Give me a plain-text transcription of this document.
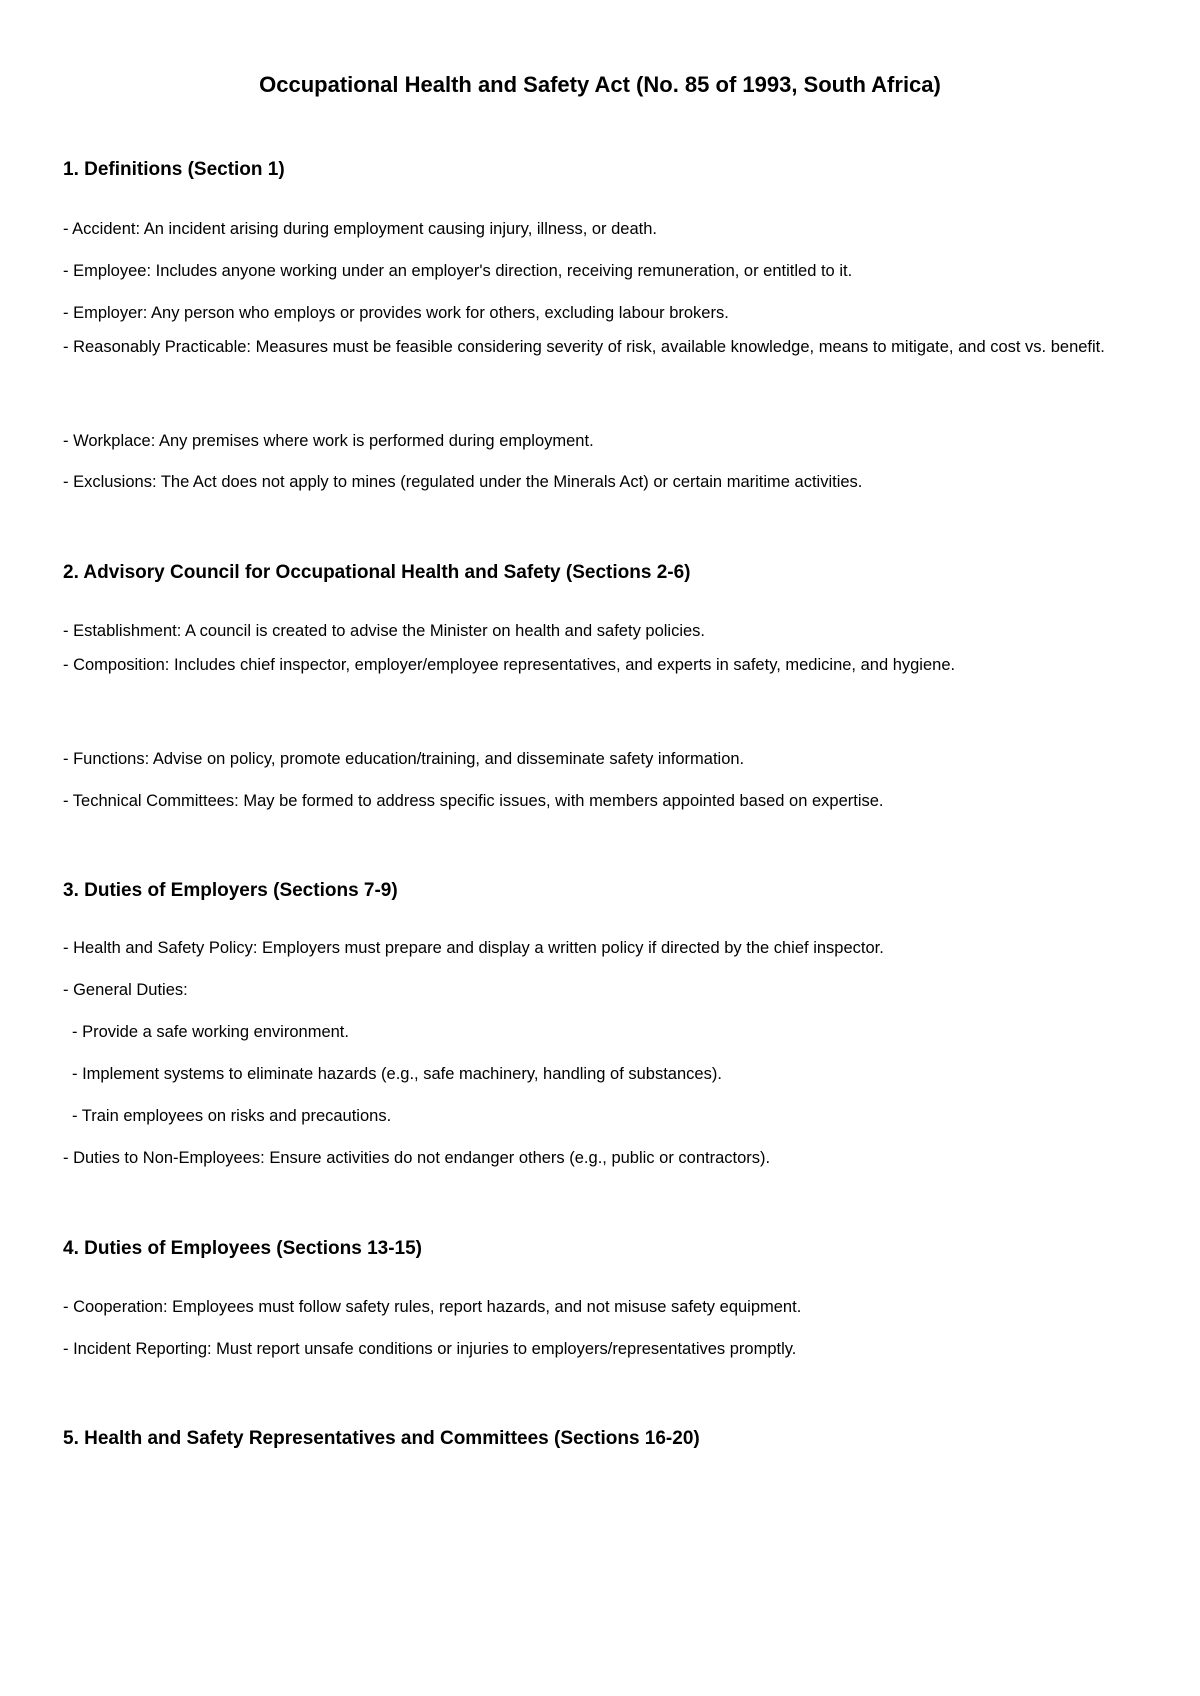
Occupational Health and Safety Act (No. 85 of 1993, South Africa)
1. Definitions (Section 1)
- Accident: An incident arising during employment causing injury, illness, or death.
- Employee: Includes anyone working under an employer's direction, receiving remuneration, or entitled to it.
- Employer: Any person who employs or provides work for others, excluding labour brokers.
- Reasonably Practicable: Measures must be feasible considering severity of risk, available knowledge, means to mitigate, and cost vs. benefit.
- Workplace: Any premises where work is performed during employment.
- Exclusions: The Act does not apply to mines (regulated under the Minerals Act) or certain maritime activities.
2. Advisory Council for Occupational Health and Safety (Sections 2-6)
- Establishment: A council is created to advise the Minister on health and safety policies.
- Composition: Includes chief inspector, employer/employee representatives, and experts in safety, medicine, and hygiene.
- Functions: Advise on policy, promote education/training, and disseminate safety information.
- Technical Committees: May be formed to address specific issues, with members appointed based on expertise.
3. Duties of Employers (Sections 7-9)
- Health and Safety Policy: Employers must prepare and display a written policy if directed by the chief inspector.
- General Duties:
- Provide a safe working environment.
- Implement systems to eliminate hazards (e.g., safe machinery, handling of substances).
- Train employees on risks and precautions.
- Duties to Non-Employees: Ensure activities do not endanger others (e.g., public or contractors).
4. Duties of Employees (Sections 13-15)
- Cooperation: Employees must follow safety rules, report hazards, and not misuse safety equipment.
- Incident Reporting: Must report unsafe conditions or injuries to employers/representatives promptly.
5. Health and Safety Representatives and Committees (Sections 16-20)
